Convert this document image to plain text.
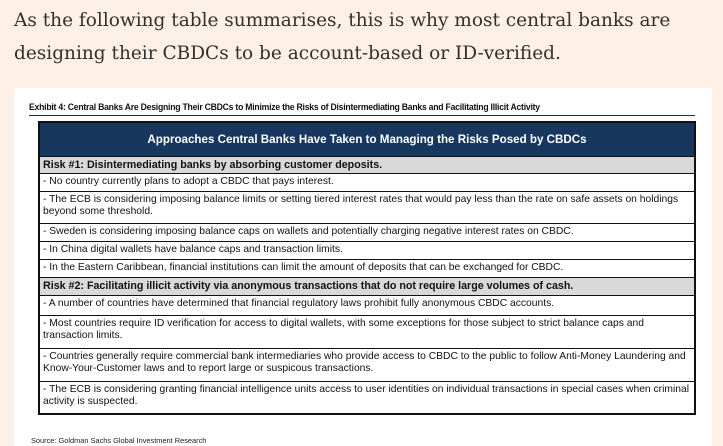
As the following table summarises, this is why most central banks are designing their CBDCs to be account-based or ID-verified.

Exhibit 4: Central Banks Are Designing Their CBDCs to Minimize the Risks of Disintermediating Banks and Facilitating Illicit Activity
Approaches Central Banks Have Taken to Managing the Risks Posed by CBDCs
Risk #1: Disintermediating banks by absorbing customer deposits.
- No country currently plans to adopt a CBDC that pays interest.
- The ECB is considering imposing balance limits or setting tiered interest rates that would pay less than the rate on safe assets on holdings beyond some threshold.
- Sweden is considering imposing balance caps on wallets and potentially charging negative interest rates on CBDC.
- In China digital wallets have balance caps and transaction limits.
- In the Eastern Caribbean, financial institutions can limit the amount of deposits that can be exchanged for CBDC.
Risk #2: Facilitating illicit activity via anonymous transactions that do not require large volumes of cash.
- A number of countries have determined that financial regulatory laws prohibit fully anonymous CBDC accounts.
- Most countries require ID verification for access to digital wallets, with some exceptions for those subject to strict balance caps and transaction limits.
- Countries generally require commercial bank intermediaries who provide access to CBDC to the public to follow Anti-Money Laundering and Know-Your-Customer laws and to report large or suspicous transactions.
- The ECB is considering granting financial intelligence units access to user identities on individual transactions in special cases when criminal activity is suspected.
Source: Goldman Sachs Global Investment Research
